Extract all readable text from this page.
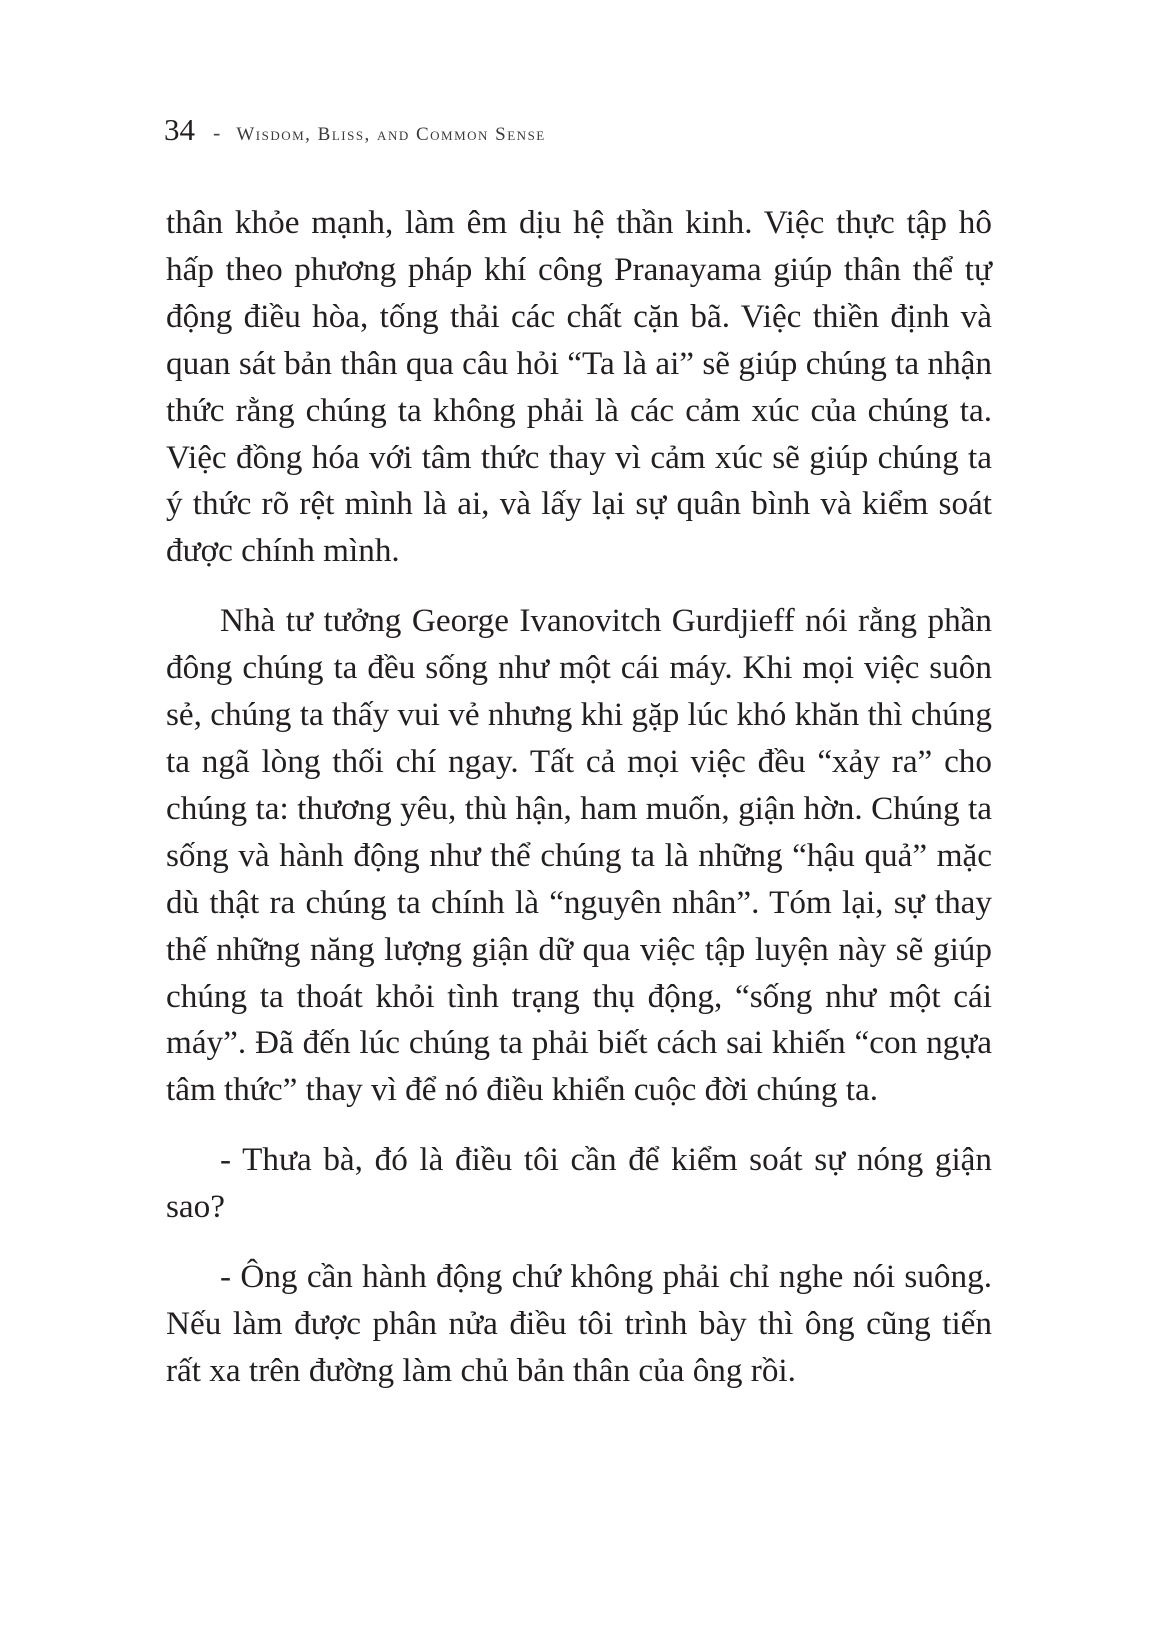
34 - Wisdom, Bliss, and Common Sense

thân khỏe mạnh, làm êm dịu hệ thần kinh. Việc thực tập hô hấp theo phương pháp khí công Pranayama giúp thân thể tự động điều hòa, tống thải các chất cặn bã. Việc thiền định và quan sát bản thân qua câu hỏi “Ta là ai” sẽ giúp chúng ta nhận thức rằng chúng ta không phải là các cảm xúc của chúng ta. Việc đồng hóa với tâm thức thay vì cảm xúc sẽ giúp chúng ta ý thức rõ rệt mình là ai, và lấy lại sự quân bình và kiểm soát được chính mình.

Nhà tư tưởng George Ivanovitch Gurdjieff nói rằng phần đông chúng ta đều sống như một cái máy. Khi mọi việc suôn sẻ, chúng ta thấy vui vẻ nhưng khi gặp lúc khó khăn thì chúng ta ngã lòng thối chí ngay. Tất cả mọi việc đều “xảy ra” cho chúng ta: thương yêu, thù hận, ham muốn, giận hờn. Chúng ta sống và hành động như thể chúng ta là những “hậu quả” mặc dù thật ra chúng ta chính là “nguyên nhân”. Tóm lại, sự thay thế những năng lượng giận dữ qua việc tập luyện này sẽ giúp chúng ta thoát khỏi tình trạng thụ động, “sống như một cái máy”. Đã đến lúc chúng ta phải biết cách sai khiến “con ngựa tâm thức” thay vì để nó điều khiển cuộc đời chúng ta.

- Thưa bà, đó là điều tôi cần để kiểm soát sự nóng giận sao?

- Ông cần hành động chứ không phải chỉ nghe nói suông. Nếu làm được phân nửa điều tôi trình bày thì ông cũng tiến rất xa trên đường làm chủ bản thân của ông rồi.
